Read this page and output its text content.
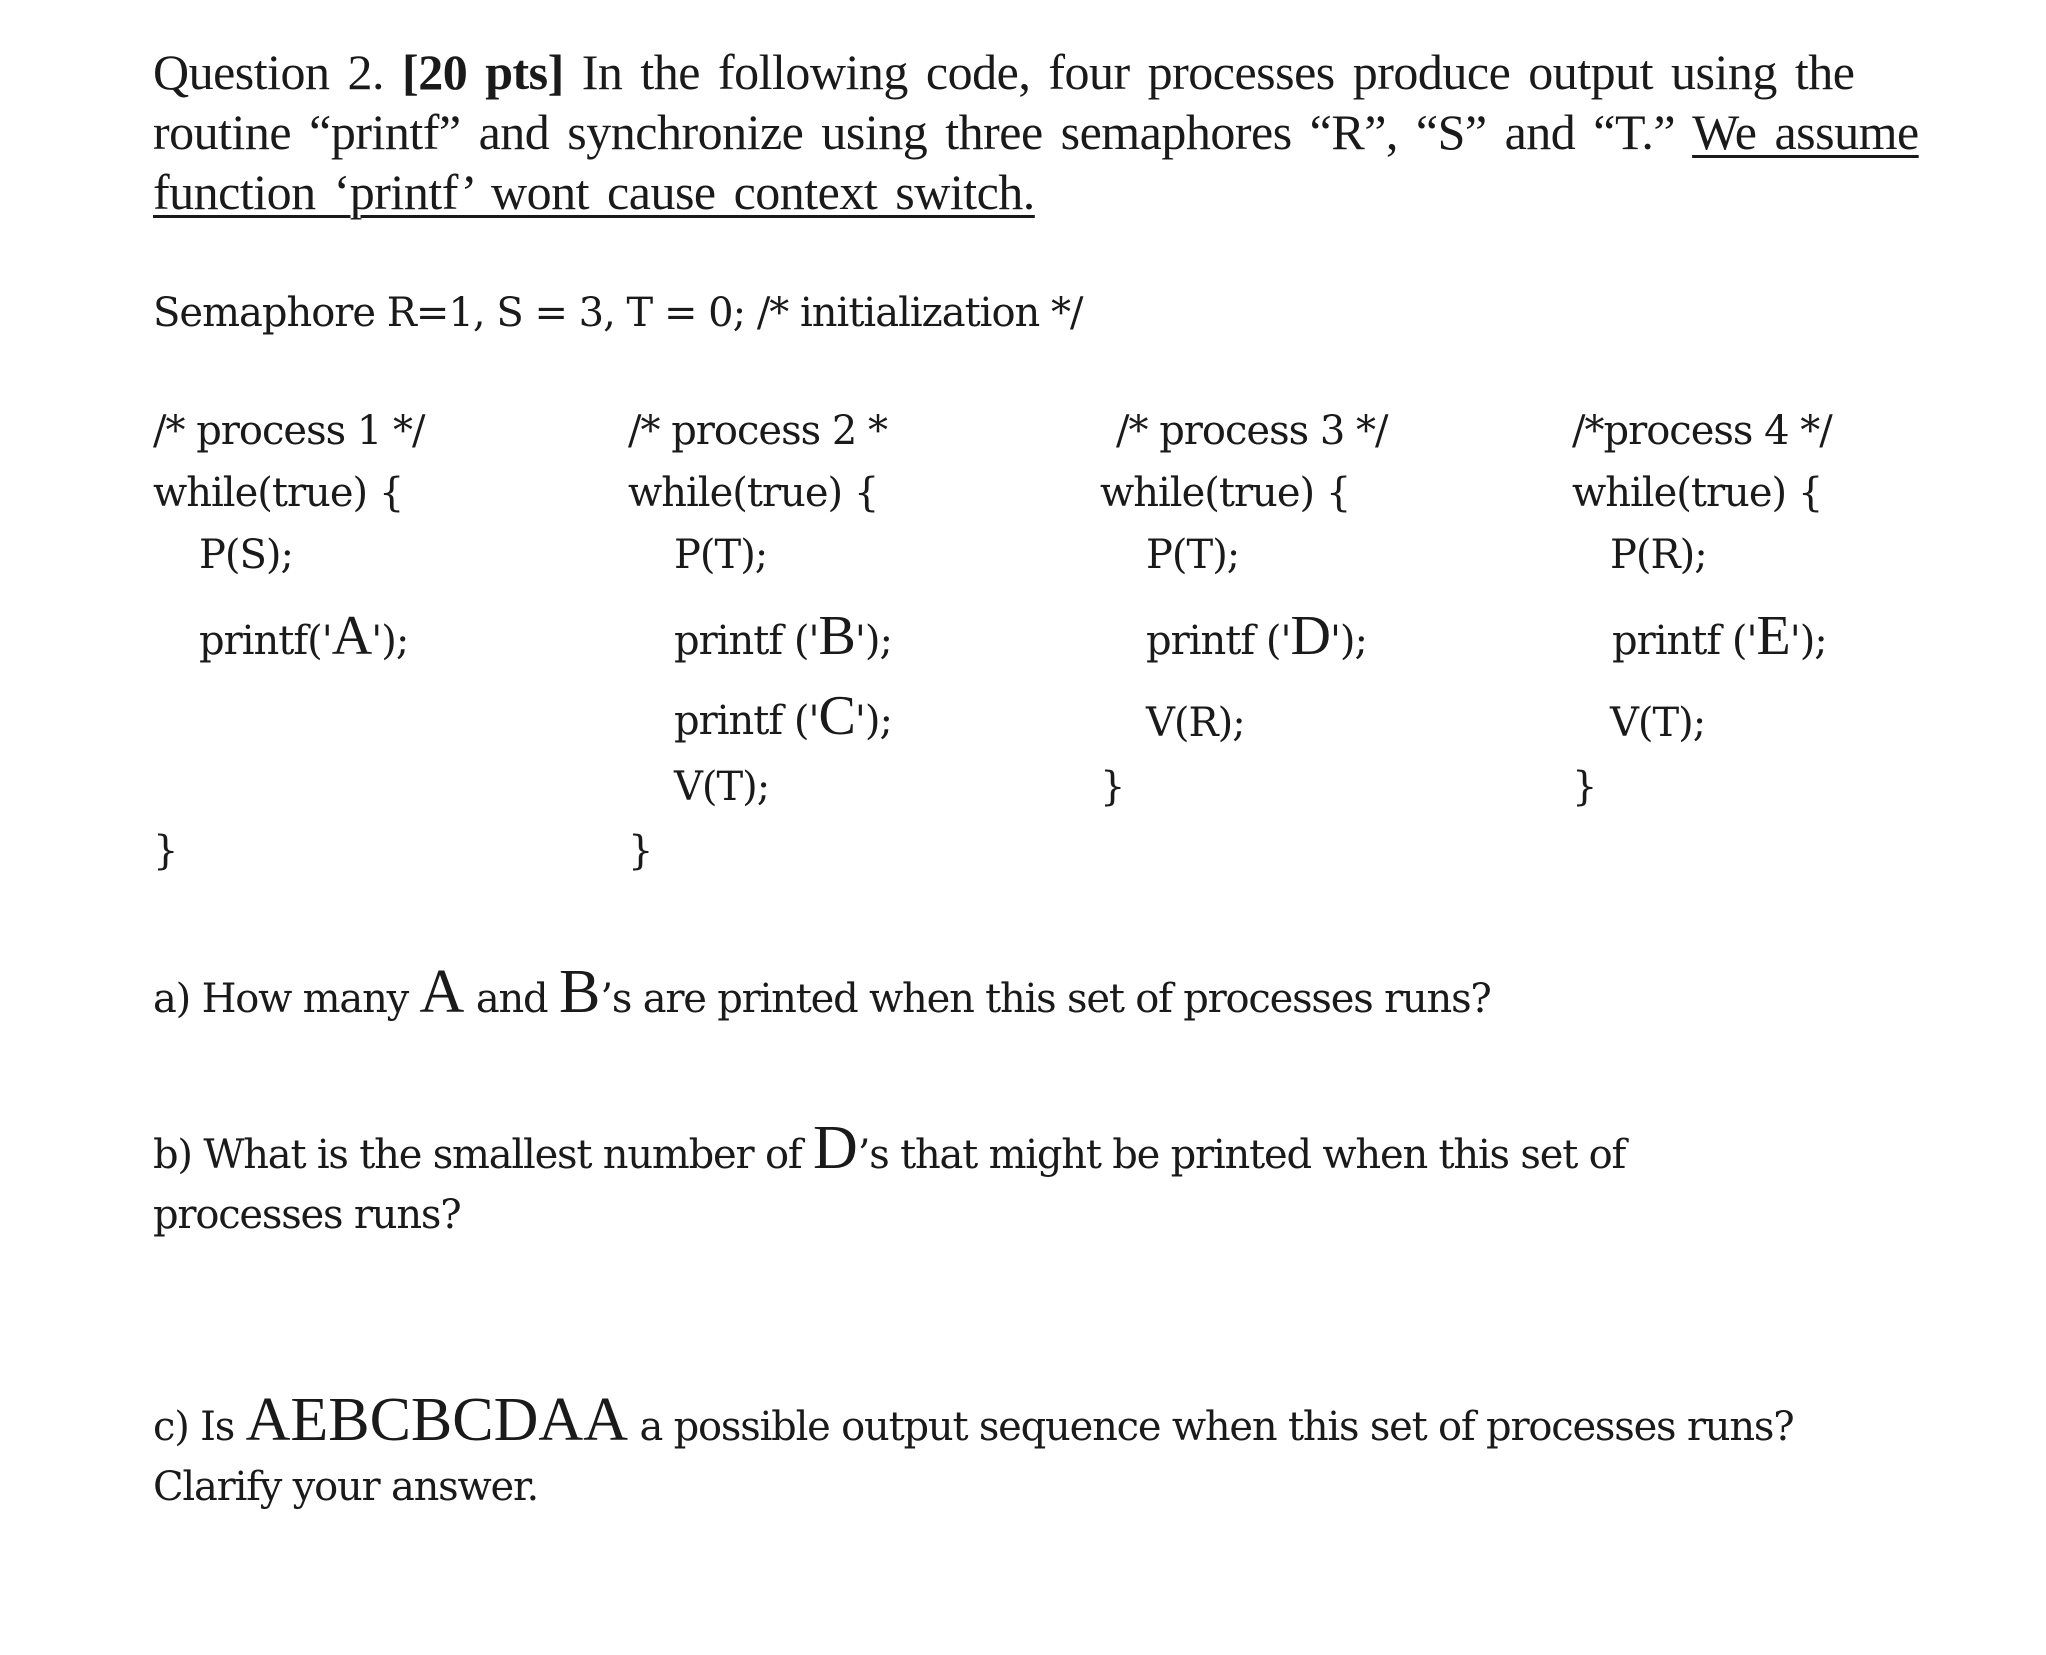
Question 2. [20 pts] In the following code, four processes produce output using the
routine “printf” and synchronize using three semaphores “R”, “S” and “T.” We assume
function ‘printf’ wont cause context switch.
Semaphore R=1, S = 3, T = 0; /* initialization */
/* process 1 */
while(true) {
P(S);
printf('A');
}
/* process 2 *
while(true) {
P(T);
printf ('B');
printf ('C');
V(T);
}
/* process 3 */
while(true) {
P(T);
printf ('D');
V(R);
}
/*process 4 */
while(true) {
P(R);
printf ('E');
V(T);
}
a) How many A and B’s are printed when this set of processes runs?
b) What is the smallest number of D’s that might be printed when this set of
processes runs?
c) Is AEBCBCDAA a possible output sequence when this set of processes runs?
Clarify your answer.
